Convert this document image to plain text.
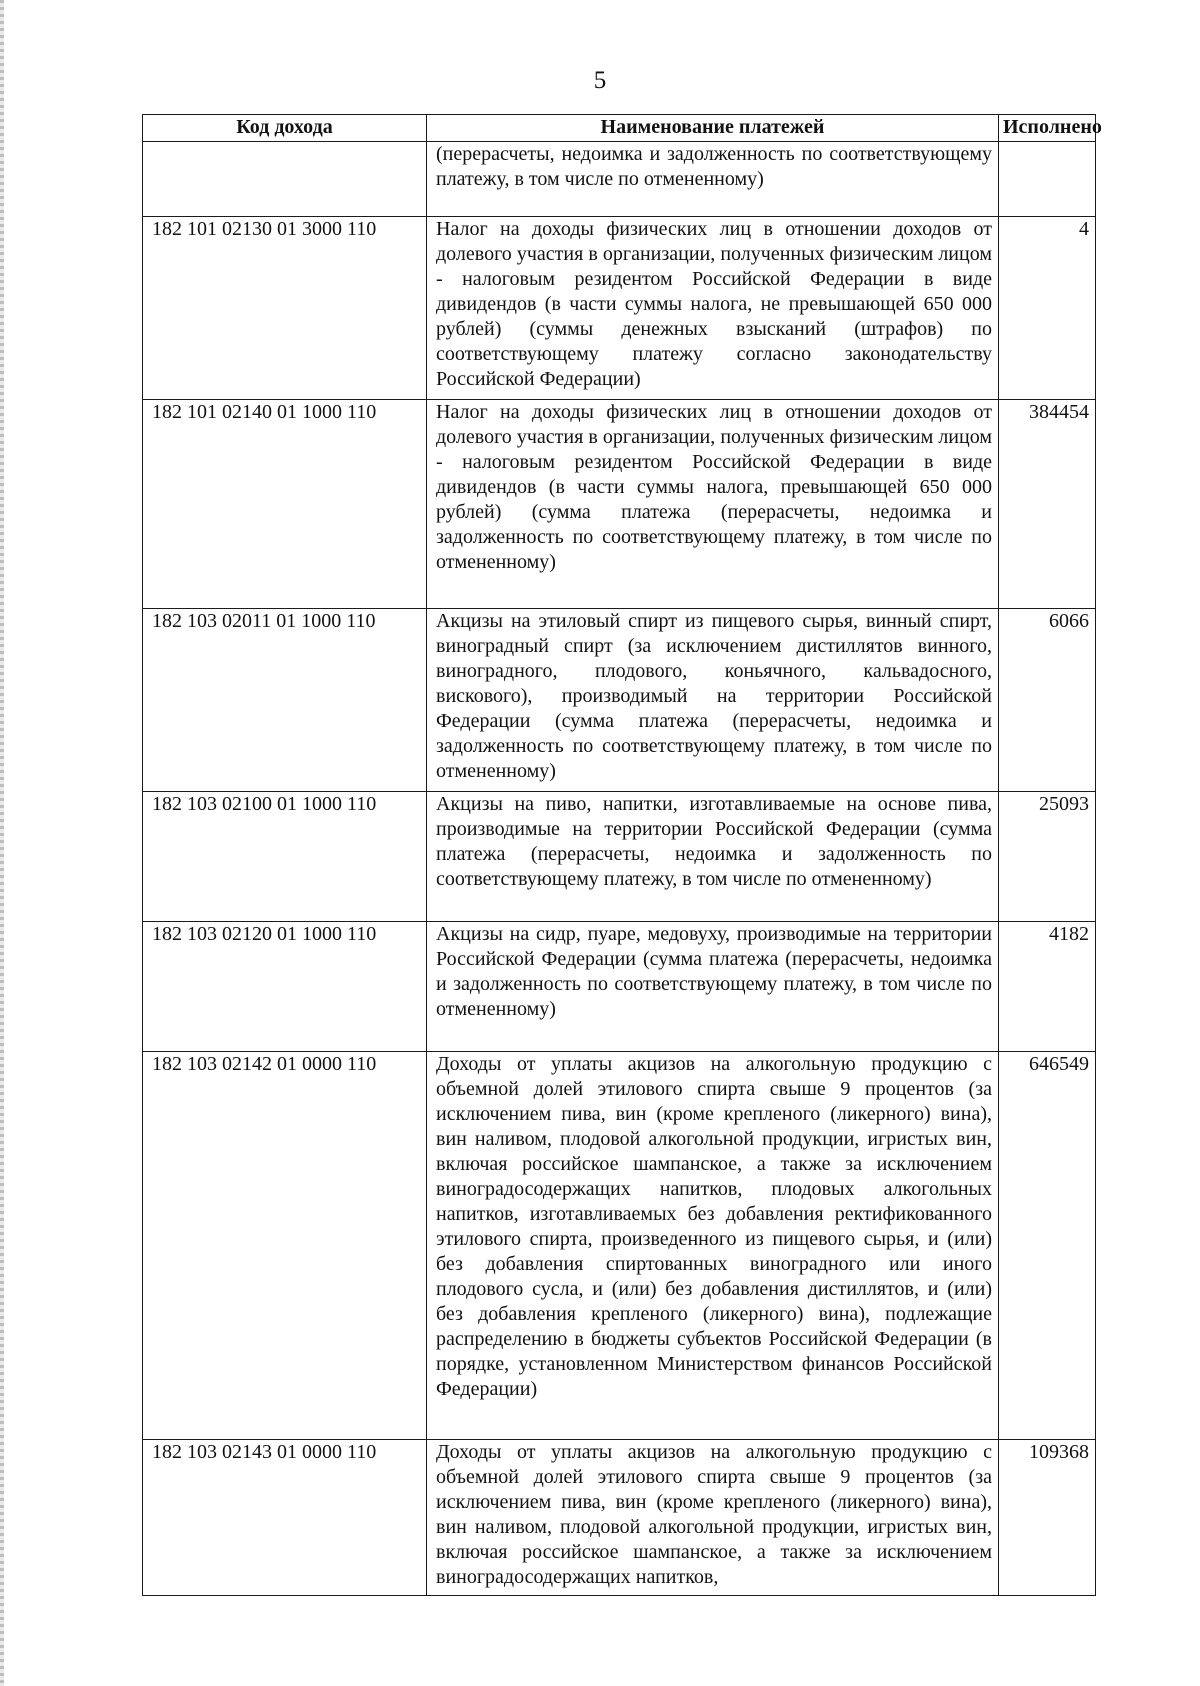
5
Код дохода	Наименование платежей	Исполнено
	(перерасчеты, недоимка и задолженность по соответствующему платежу, в том числе по отмененному)	
182 101 02130 01 3000 110	Налог на доходы физических лиц в отношении доходов от долевого участия в организации, полученных физическим лицом - налоговым резидентом Российской Федерации в виде дивидендов (в части суммы налога, не превышающей 650 000 рублей) (суммы денежных взысканий (штрафов) по соответствующему платежу согласно законодательству Российской Федерации)	4
182 101 02140 01 1000 110	Налог на доходы физических лиц в отношении доходов от долевого участия в организации, полученных физическим лицом - налоговым резидентом Российской Федерации в виде дивидендов (в части суммы налога, превышающей 650 000 рублей) (сумма платежа (перерасчеты, недоимка и задолженность по соответствующему платежу, в том числе по отмененному)	384454
182 103 02011 01 1000 110	Акцизы на этиловый спирт из пищевого сырья, винный спирт, виноградный спирт (за исключением дистиллятов винного, виноградного, плодового, коньячного, кальвадосного, вискового), производимый на территории Российской Федерации (сумма платежа (перерасчеты, недоимка и задолженность по соответствующему платежу, в том числе по отмененному)	6066
182 103 02100 01 1000 110	Акцизы на пиво, напитки, изготавливаемые на основе пива, производимые на территории Российской Федерации (сумма платежа (перерасчеты, недоимка и задолженность по соответствующему платежу, в том числе по отмененному)	25093
182 103 02120 01 1000 110	Акцизы на сидр, пуаре, медовуху, производимые на территории Российской Федерации (сумма платежа (перерасчеты, недоимка и задолженность по соответствующему платежу, в том числе по отмененному)	4182
182 103 02142 01 0000 110	Доходы от уплаты акцизов на алкогольную продукцию с объемной долей этилового спирта свыше 9 процентов (за исключением пива, вин (кроме крепленого (ликерного) вина), вин наливом, плодовой алкогольной продукции, игристых вин, включая российское шампанское, а также за исключением виноградосодержащих напитков, плодовых алкогольных напитков, изготавливаемых без добавления ректификованного этилового спирта, произведенного из пищевого сырья, и (или) без добавления спиртованных виноградного или иного плодового сусла, и (или) без добавления дистиллятов, и (или) без добавления крепленого (ликерного) вина), подлежащие распределению в бюджеты субъектов Российской Федерации (в порядке, установленном Министерством финансов Российской Федерации)	646549
182 103 02143 01 0000 110	Доходы от уплаты акцизов на алкогольную продукцию с объемной долей этилового спирта свыше 9 процентов (за исключением пива, вин (кроме крепленого (ликерного) вина), вин наливом, плодовой алкогольной продукции, игристых вин, включая российское шампанское, а также за исключением виноградосодержащих напитков,	109368
